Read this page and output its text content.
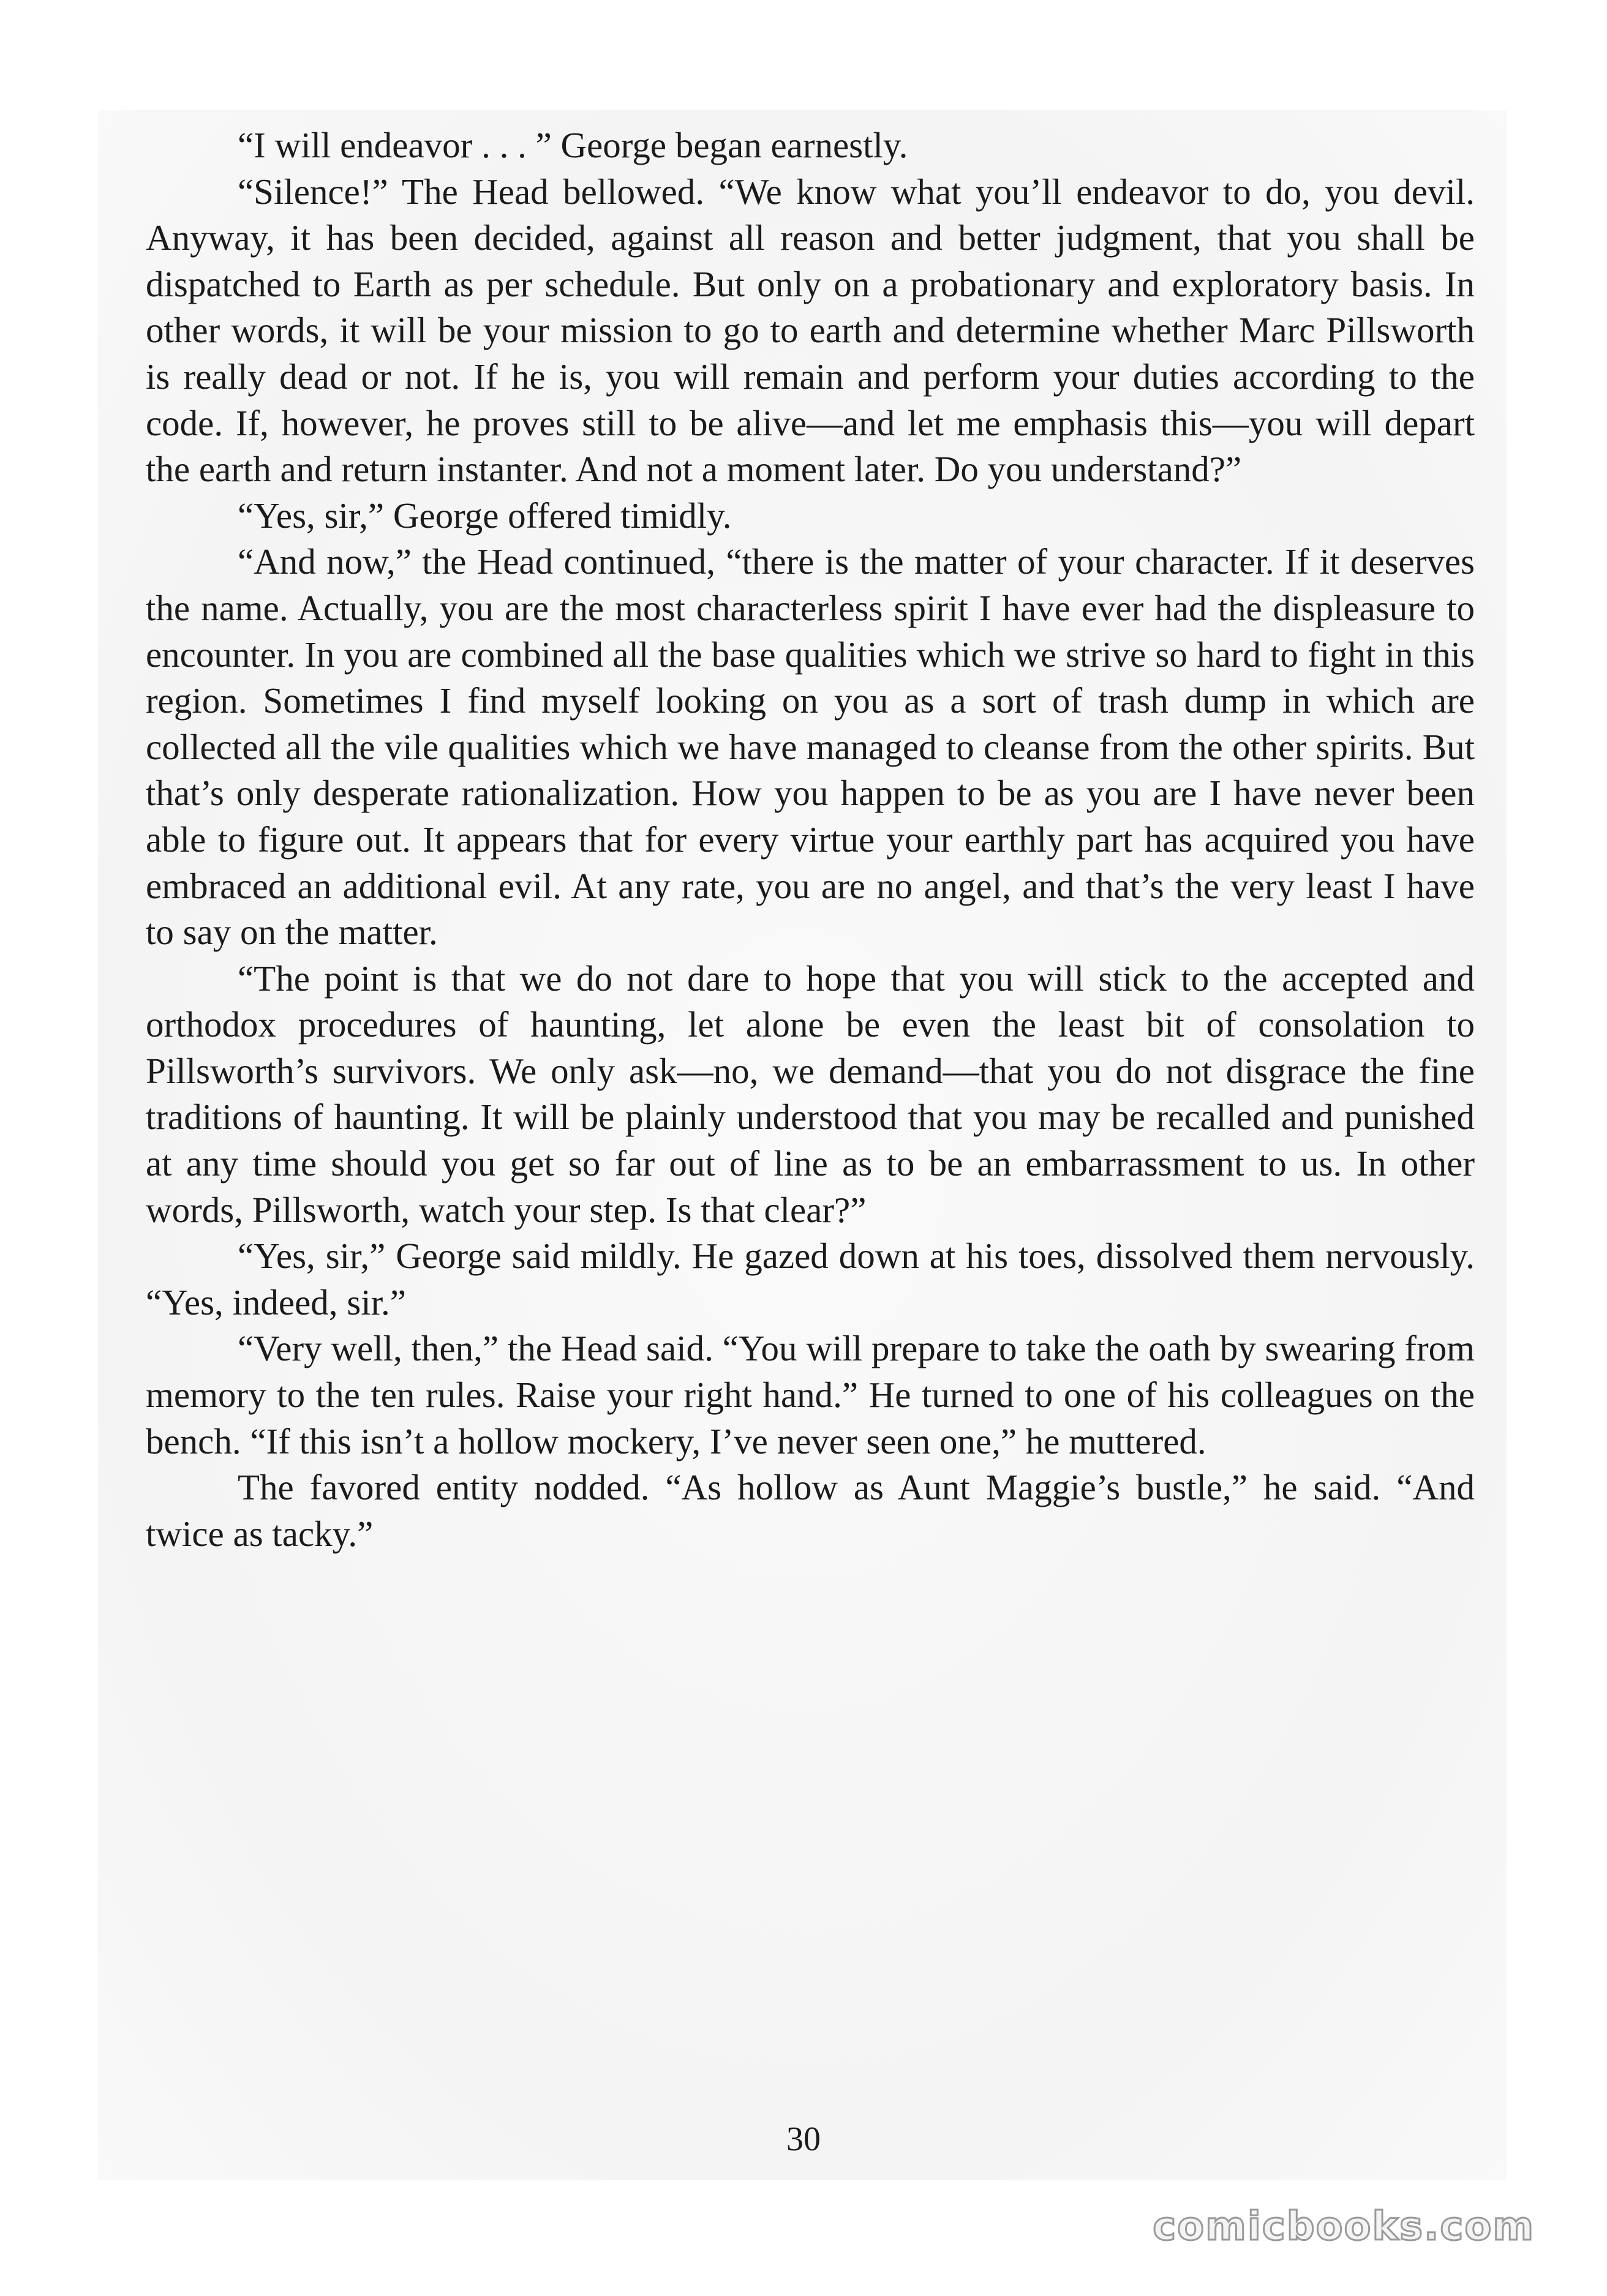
“I will endeavor . . . ” George began earnestly.

“Silence!” The Head bellowed. “We know what you’ll endeavor to do, you devil. Anyway, it has been decided, against all reason and better judgment, that you shall be dispatched to Earth as per schedule. But only on a probationary and exploratory basis. In other words, it will be your mission to go to earth and determine whether Marc Pillsworth is really dead or not. If he is, you will remain and perform your duties according to the code. If, however, he proves still to be alive—and let me emphasis this—you will depart the earth and return instanter. And not a moment later. Do you understand?”

“Yes, sir,” George offered timidly.

“And now,” the Head continued, “there is the matter of your character. If it deserves the name. Actually, you are the most characterless spirit I have ever had the displeasure to encounter. In you are combined all the base qualities which we strive so hard to fight in this region. Sometimes I find myself looking on you as a sort of trash dump in which are collected all the vile qualities which we have managed to cleanse from the other spirits. But that’s only desperate rationalization. How you happen to be as you are I have never been able to figure out. It appears that for every virtue your earthly part has acquired you have embraced an additional evil. At any rate, you are no angel, and that’s the very least I have to say on the matter.

“The point is that we do not dare to hope that you will stick to the accepted and orthodox procedures of haunting, let alone be even the least bit of consolation to Pillsworth’s survivors. We only ask—no, we demand—that you do not disgrace the fine traditions of haunting. It will be plainly understood that you may be recalled and punished at any time should you get so far out of line as to be an embarrassment to us. In other words, Pillsworth, watch your step. Is that clear?”

“Yes, sir,” George said mildly. He gazed down at his toes, dissolved them nervously. “Yes, indeed, sir.”

“Very well, then,” the Head said. “You will prepare to take the oath by swearing from memory to the ten rules. Raise your right hand.” He turned to one of his colleagues on the bench. “If this isn’t a hollow mockery, I’ve never seen one,” he muttered.

The favored entity nodded. “As hollow as Aunt Maggie’s bustle,” he said. “And twice as tacky.”

30
comicbooks.com
